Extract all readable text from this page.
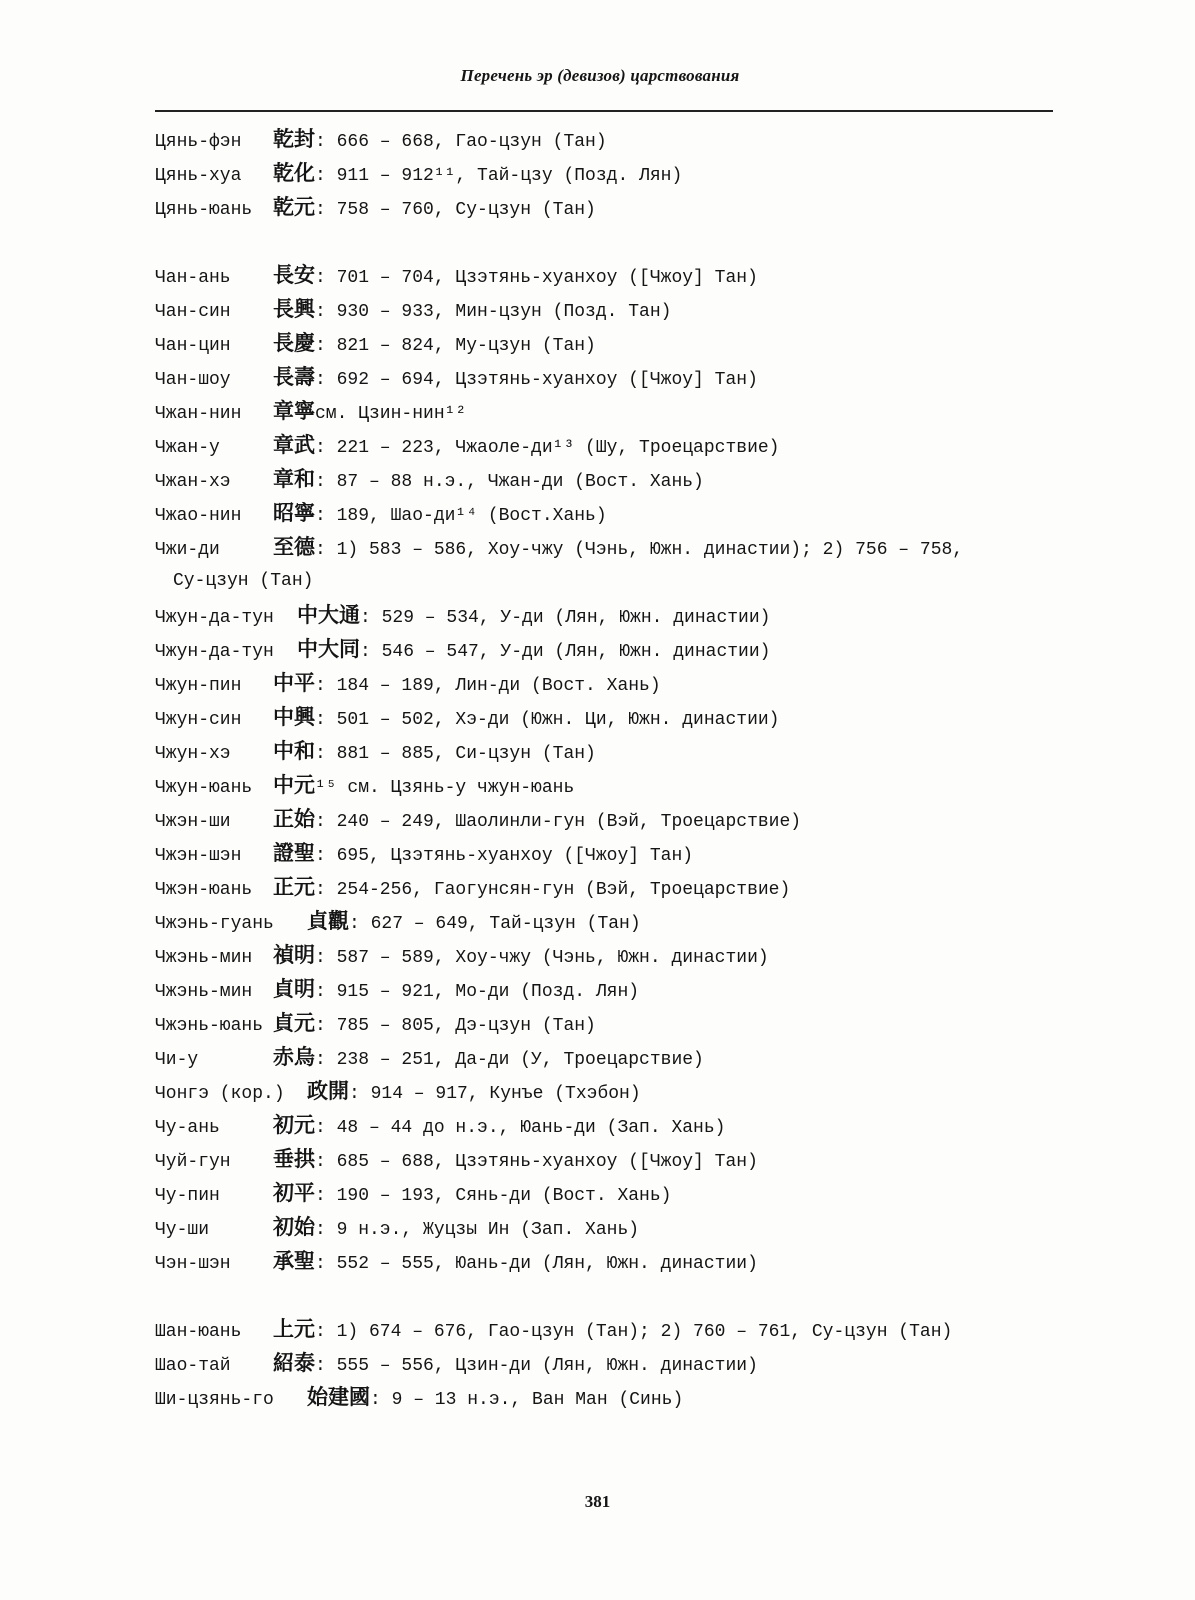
Перечень эр (девизов) царствования
Цянь-фэн 乾封: 666 – 668, Гао-цзун (Тан)
Цянь-хуа 乾化: 911 – 912¹¹, Тай-цзу (Позд. Лян)
Цянь-юань 乾元: 758 – 760, Су-цзун (Тан)
Чан-ань 長安: 701 – 704, Цзэтянь-хуанхоу ([Чжоу] Тан)
Чан-син 長興: 930 – 933, Мин-цзун (Позд. Тан)
Чан-цин 長慶: 821 – 824, Му-цзун (Тан)
Чан-шоу 長壽: 692 – 694, Цзэтянь-хуанхоу ([Чжоу] Тан)
Чжан-нин 章寧см. Цзин-нин¹²
Чжан-у	章武: 221 – 223, Чжаоле-ди¹³ (Шу, Троецарствие)
Чжан-хэ 章和: 87 – 88 н.э., Чжан-ди (Вост. Хань)
Чжао-нин 昭寧: 189, Шао-ди¹⁴ (Вост.Хань)
Чжи-ди	至德: 1) 583 – 586, Хоу-чжу (Чэнь, Южн. династии); 2) 756 – 758,
Су-цзун (Тан)
Чжун-да-тун 中大通: 529 – 534, У-ди (Лян, Южн. династии)
Чжун-да-тун 中大同: 546 – 547, У-ди (Лян, Южн. династии)
Чжун-пин 中平: 184 – 189, Лин-ди (Вост. Хань)
Чжун-син 中興: 501 – 502, Хэ-ди (Южн. Ци, Южн. династии)
Чжун-хэ 中和: 881 – 885, Си-цзун (Тан)
Чжун-юань 中元¹⁵ см. Цзянь-у чжун-юань
Чжэн-ши 正始: 240 – 249, Шаолинли-гун (Вэй, Троецарствие)
Чжэн-шэн 證聖: 695, Цзэтянь-хуанхоу ([Чжоу] Тан)
Чжэн-юань 正元: 254-256, Гаогунсян-гун (Вэй, Троецарствие)
Чжэнь-гуань 貞觀: 627 – 649, Тай-цзун (Тан)
Чжэнь-мин 禎明: 587 – 589, Хоу-чжу (Чэнь, Южн. династии)
Чжэнь-мин 貞明: 915 – 921, Мо-ди (Позд. Лян)
Чжэнь-юань 貞元: 785 – 805, Дэ-цзун (Тан)
Чи-у	赤烏: 238 – 251, Да-ди (У, Троецарствие)
Чонгэ (кор.) 政開: 914 – 917, Кунъе (Тхэбон)
Чу-ань	初元: 48 – 44 до н.э., Юань-ди (Зап. Хань)
Чуй-гун 垂拱: 685 – 688, Цзэтянь-хуанхоу ([Чжоу] Тан)
Чу-пин	初平: 190 – 193, Сянь-ди (Вост. Хань)
Чу-ши	初始: 9 н.э., Жуцзы Ин (Зап. Хань)
Чэн-шэн 承聖: 552 – 555, Юань-ди (Лян, Южн. династии)
Шан-юань 上元: 1) 674 – 676, Гао-цзун (Тан); 2) 760 – 761, Су-цзун (Тан)
Шао-тай 紹泰: 555 – 556, Цзин-ди (Лян, Южн. династии)
Ши-цзянь-го 始建國: 9 – 13 н.э., Ван Ман (Синь)
381
